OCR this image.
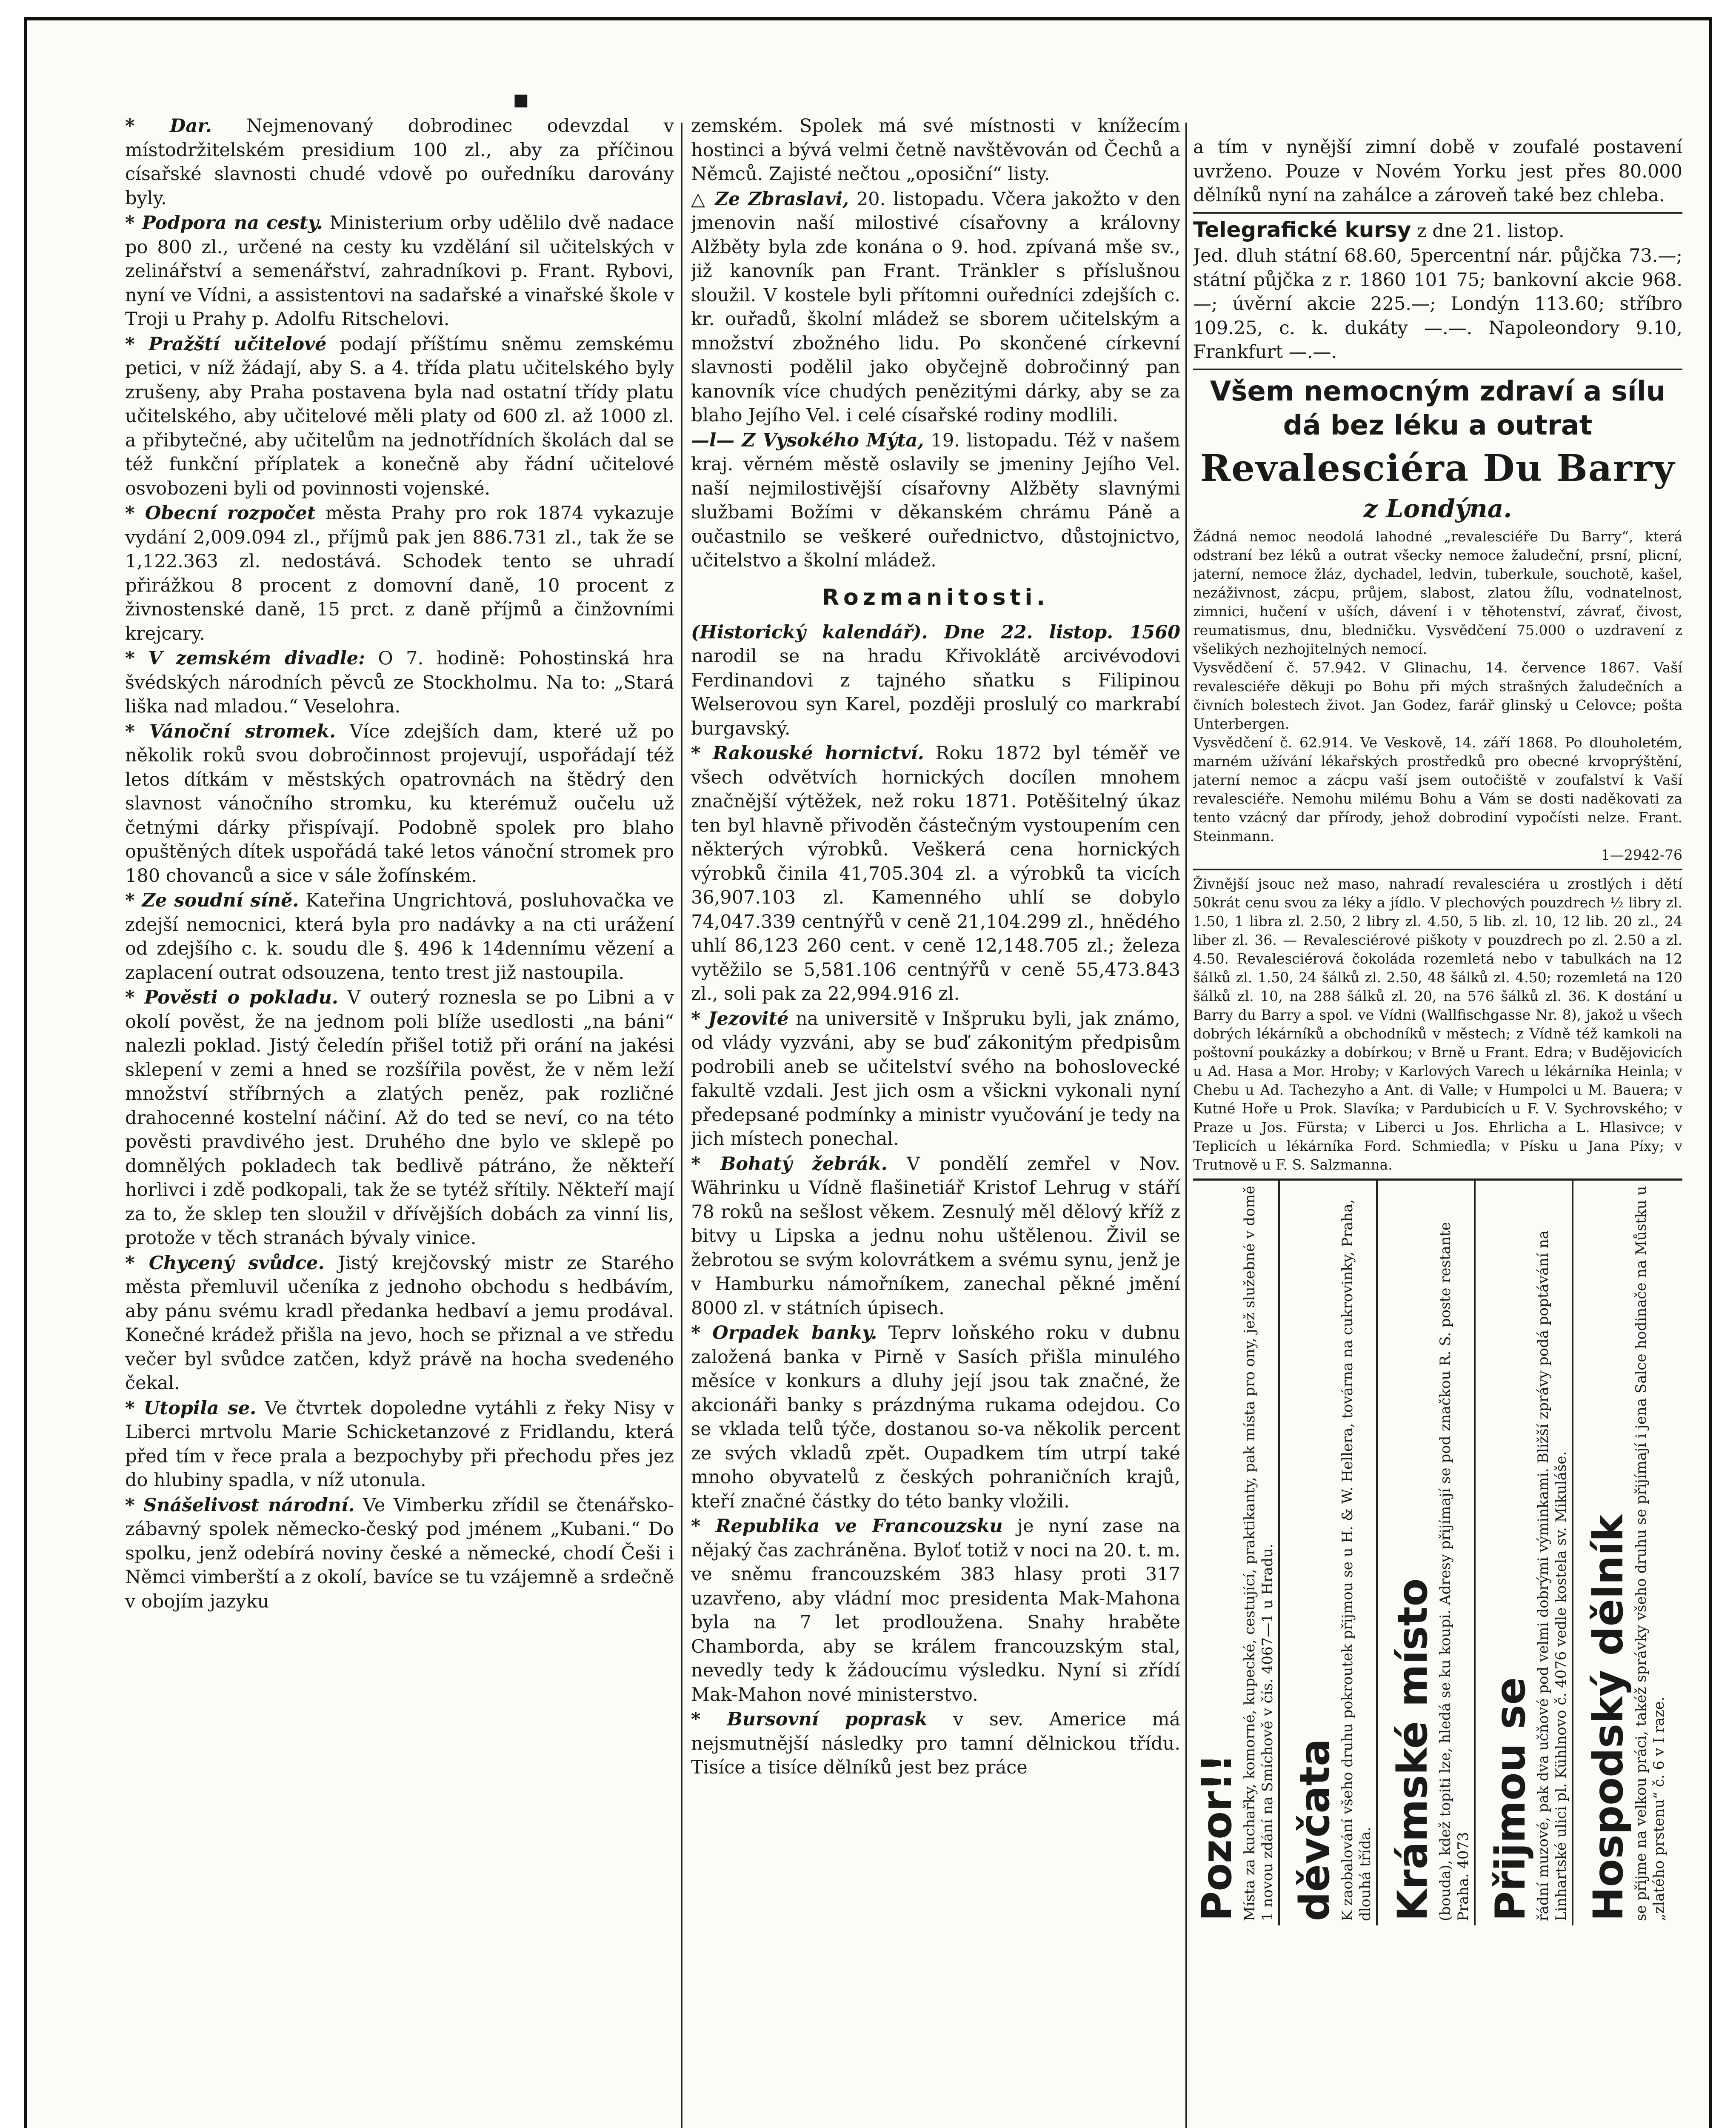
▪

* Dar. Nejmenovaný dobrodinec odevzdal v místodržitelském presidium 100 zl., aby za příčinou císařské slavnosti chudé vdově po ouředníku darovány byly.

* Podpora na cesty. Ministerium orby udělilo dvě nadace po 800 zl., určené na cesty ku vzdělání sil učitelských v zelinářství a semenářství, zahradníkovi p. Frant. Rybovi, nyní ve Vídni, a assistentovi na sadařské a vinařské škole v Troji u Prahy p. Adolfu Ritschelovi.

* Pražští učitelové podají příštímu sněmu zemskému petici, v níž žádají, aby S. a 4. třída platu učitelského byly zrušeny, aby Praha postavena byla nad ostatní třídy platu učitelského, aby učitelové měli platy od 600 zl. až 1000 zl. a přibytečné, aby učitelům na jednotřídních školách dal se též funkční příplatek a konečně aby řádní učitelové osvobozeni byli od povinnosti vojenské.

* Obecní rozpočet města Prahy pro rok 1874 vykazuje vydání 2,009.094 zl., příjmů pak jen 886.731 zl., tak že se 1,122.363 zl. nedostává. Schodek tento se uhradí přirážkou 8 procent z domovní daně, 10 procent z živnostenské daně, 15 prct. z daně příjmů a činžovními krejcary.

* V zemském divadle: O 7. hodině: Pohostinská hra švédských národních pěvců ze Stockholmu. Na to: „Stará liška nad mladou.“ Veselohra.

* Vánoční stromek. Více zdejších dam, které už po několik roků svou dobročinnost projevují, uspořádají též letos dítkám v městských opatrovnách na štědrý den slavnost vánočního stromku, ku kterémuž oučelu už četnými dárky přispívají. Podobně spolek pro blaho opuštěných dítek uspořádá také letos vánoční stromek pro 180 chovanců a sice v sále žofínském.

* Ze soudní síně. Kateřina Ungrichtová, posluhovačka ve zdejší nemocnici, která byla pro nadávky a na cti urážení od zdejšího c. k. soudu dle §. 496 k 14dennímu vězení a zaplacení outrat odsouzena, tento trest již nastoupila.

* Pověsti o pokladu. V outerý roznesla se po Libni a v okolí pověst, že na jednom poli blíže usedlosti „na báni“ nalezli poklad. Jistý čeledín přišel totiž při orání na jakési sklepení v zemi a hned se rozšířila pověst, že v něm leží množství stříbrných a zlatých peněz, pak rozličné drahocenné kostelní náčiní. Až do ted se neví, co na této pověsti pravdivého jest. Druhého dne bylo ve sklepě po domnělých pokladech tak bedlivě pátráno, že někteří horlivci i zdě podkopali, tak že se tytéž sřítily. Někteří mají za to, že sklep ten sloužil v dřívějších dobách za vinní lis, protože v těch stranách bývaly vinice.

* Chycený svůdce. Jistý krejčovský mistr ze Starého města přemluvil učeníka z jednoho obchodu s hedbávím, aby pánu svému kradl předanka hedbaví a jemu prodával. Konečné krádež přišla na jevo, hoch se přiznal a ve středu večer byl svůdce zatčen, když právě na hocha svedeného čekal.

* Utopila se. Ve čtvrtek dopoledne vytáhli z řeky Nisy v Liberci mrtvolu Marie Schicketanzové z Fridlandu, která před tím v řece prala a bezpochyby při přechodu přes jez do hlubiny spadla, v níž utonula.

* Snášelivost národní. Ve Vimberku zřídil se čtenářsko-zábavný spolek německo-český pod jménem „Kubani.“ Do spolku, jenž odebírá noviny české a německé, chodí Češi i Němci vimberští a z okolí, bavíce se tu vzájemně a srdečně v obojím jazyku

zemském. Spolek má své místnosti v knížecím hostinci a bývá velmi četně navštěvován od Čechů a Němců. Zajisté nečtou „oposiční“ listy.

△ Ze Zbraslavi, 20. listopadu. Včera jakožto v den jmenovin naší milostivé císařovny a královny Alžběty byla zde konána o 9. hod. zpívaná mše sv., již kanovník pan Frant. Tränkler s příslušnou sloužil. V kostele byli přítomni ouředníci zdejších c. kr. ouřadů, školní mládež se sborem učitelským a množství zbožného lidu. Po skončené církevní slavnosti podělil jako obyčejně dobročinný pan kanovník více chudých penězitými dárky, aby se za blaho Jejího Vel. i celé císařské rodiny modlili.

—l— Z Vysokého Mýta, 19. listopadu. Též v našem kraj. věrném městě oslavily se jmeniny Jejího Vel. naší nejmilostivější císařovny Alžběty slavnými službami Božími v děkanském chrámu Páně a oučastnilo se veškeré ouřednictvo, důstojnictvo, učitelstvo a školní mládež.

Rozmanitosti.

(Historický kalendář). Dne 22. listop. 1560 narodil se na hradu Křivoklátě arcivévodovi Ferdinandovi z tajného sňatku s Filipinou Welserovou syn Karel, později proslulý co markrabí burgavský.

* Rakouské hornictví. Roku 1872 byl téměř ve všech odvětvích hornických docílen mnohem značnější výtěžek, než roku 1871. Potěšitelný úkaz ten byl hlavně přivoděn částečným vystoupením cen některých výrobků. Veškerá cena hornických výrobků činila 41,705.304 zl. a výrobků ta vicích 36,907.103 zl. Kamenného uhlí se dobylo 74,047.339 centnýřů v ceně 21,104.299 zl., hnědého uhlí 86,123 260 cent. v ceně 12,148.705 zl.; železa vytěžilo se 5,581.106 centnýřů v ceně 55,473.843 zl., soli pak za 22,994.916 zl.

* Jezovité na universitě v Inšpruku byli, jak známo, od vlády vyzváni, aby se buď zákonitým předpisům podrobili aneb se učitelství svého na bohoslovecké fakultě vzdali. Jest jich osm a všickni vykonali nyní předepsané podmínky a ministr vyučování je tedy na jich místech ponechal.

* Bohatý žebrák. V pondělí zemřel v Nov. Währinku u Vídně flašinetiář Kristof Lehrug v stáří 78 roků na sešlost věkem. Zesnulý měl dělový kříž z bitvy u Lipska a jednu nohu uštělenou. Živil se žebrotou se svým kolovrátkem a svému synu, jenž je v Hamburku námořníkem, zanechal pěkné jmění 8000 zl. v státních úpisech.

* Orpadek banky. Teprv loňského roku v dubnu založená banka v Pirně v Sasích přišla minulého měsíce v konkurs a dluhy její jsou tak značné, že akcionáři banky s prázdnýma rukama odejdou. Co se vklada telů týče, dostanou so-va několik percent ze svých vkladů zpět. Oupadkem tím utrpí také mnoho obyvatelů z českých pohraničních krajů, kteří značné částky do této banky vložili.

* Republika ve Francouzsku je nyní zase na nějaký čas zachráněna. Byloť totiž v noci na 20. t. m. ve sněmu francouzském 383 hlasy proti 317 uzavřeno, aby vládní moc presidenta Mak-Mahona byla na 7 let prodloužena. Snahy hraběte Chamborda, aby se králem francouzským stal, nevedly tedy k žádoucímu výsledku. Nyní si zřídí Mak-Mahon nové ministerstvo.

* Bursovní poprask v sev. Americe má nejsmutnější následky pro tamní dělnickou třídu. Tisíce a tisíce dělníků jest bez práce

a tím v nynější zimní době v zoufalé postavení uvrženo. Pouze v Novém Yorku jest přes 80.000 dělníků nyní na zahálce a zároveň také bez chleba.

Telegrafické kursy z dne 21. listop.

Jed. dluh státní 68.60, 5percentní nár. půjčka 73.—; státní půjčka z r. 1860 101 75; bankovní akcie 968.—; úvěrní akcie 225.—; Londýn 113.60; stříbro 109.25, c. k. dukáty —.—. Napoleondory 9.10, Frankfurt —.—.

Všem nemocným zdraví a sílu
dá bez léku a outrat
Revalesciéra Du Barry
z Londýna.

Žádná nemoc neodolá lahodné „revalesciéře Du Barry“, která odstraní bez léků a outrat všecky nemoce žaludeční, prsní, plicní, jaterní, nemoce žláz, dychadel, ledvin, tuberkule, souchotě, kašel, nezáživnost, zácpu, průjem, slabost, zlatou žílu, vodnatelnost, zimnici, hučení v uších, dávení i v těhotenství, závrať, čivost, reumatismus, dnu, bledničku. Vysvědčení 75.000 o uzdravení z všelikých nezhojitelných nemocí.

Vysvědčení č. 57.942. V Glinachu, 14. července 1867. Vaší revalesciéře děkuji po Bohu při mých strašných žaludečních a čivních bolestech život. Jan Godez, farář glinský u Celovce; pošta Unterbergen.

Vysvědčení č. 62.914. Ve Veskově, 14. září 1868. Po dlouholetém, marném užívání lékařských prostředků pro obecné krvoprýštění, jaterní nemoc a zácpu vaší jsem outočiště v zoufalství k Vaší revalesciéře. Nemohu milému Bohu a Vám se dosti naděkovati za tento vzácný dar přírody, jehož dobrodiní vypočísti nelze. Frant. Steinmann.

1—2942-76

Živnější jsouc než maso, nahradí revalesciéra u zrostlých i dětí 50krát cenu svou za léky a jídlo. V plechových pouzdrech ½ libry zl. 1.50, 1 libra zl. 2.50, 2 libry zl. 4.50, 5 lib. zl. 10, 12 lib. 20 zl., 24 liber zl. 36. — Revalesciérové piškoty v pouzdrech po zl. 2.50 a zl. 4.50. Revalesciérová čokoláda rozemletá nebo v tabulkách na 12 šálků zl. 1.50, 24 šálků zl. 2.50, 48 šálků zl. 4.50; rozemletá na 120 šálků zl. 10, na 288 šálků zl. 20, na 576 šálků zl. 36. K dostání u Barry du Barry a spol. ve Vídni (Wallfischgasse Nr. 8), jakož u všech dobrých lékárníků a obchodníků v městech; z Vídně též kamkoli na poštovní poukázky a dobírkou; v Brně u Frant. Edra; v Budějovicích u Ad. Hasa a Mor. Hroby; v Karlových Varech u lékárníka Heinla; v Chebu u Ad. Tachezyho a Ant. di Valle; v Humpolci u M. Bauera; v Kutné Hoře u Prok. Slavíka; v Pardubicích u F. V. Sychrovského; v Praze u Jos. Fürsta; v Liberci u Jos. Ehrlicha a L. Hlasivce; v Teplicích u lékárníka Ford. Schmiedla; v Písku u Jana Píxy; v Trutnově u F. S. Salzmanna.

Pozor!! Místa za kuchařky, komorné, kupecké, cestující, praktikanty, pak místa pro ony, jež služebné v domě 1 novou zdání na Smíchově v čís. 4067—1 u Hradu. děvčata K zaobalování všeho druhu pokroutek přijmou se u H. & W. Hellera, továrna na cukrovinky, Praha, dlouhá třída. Krámské místo (bouda), kdež topiti lze, hledá se ku koupi. Adresy přijímají se pod značkou R. S. poste restante Praha. 4073 Přijmou se řádní muzové, pak dva učňové pod velmi dobrými výminkami. Bližší zprávy podá poptávání na Linhartské ulici pl. Kühlnovo č. 4076 vedle kostela sv. Mikuláše. Hospodský dělník se přijme na velkou práci, takéž správky všeho druhu se přijímají i jena Salce hodinače na Můstku u „zlatého prstenu“ č. 6 v I raze.
